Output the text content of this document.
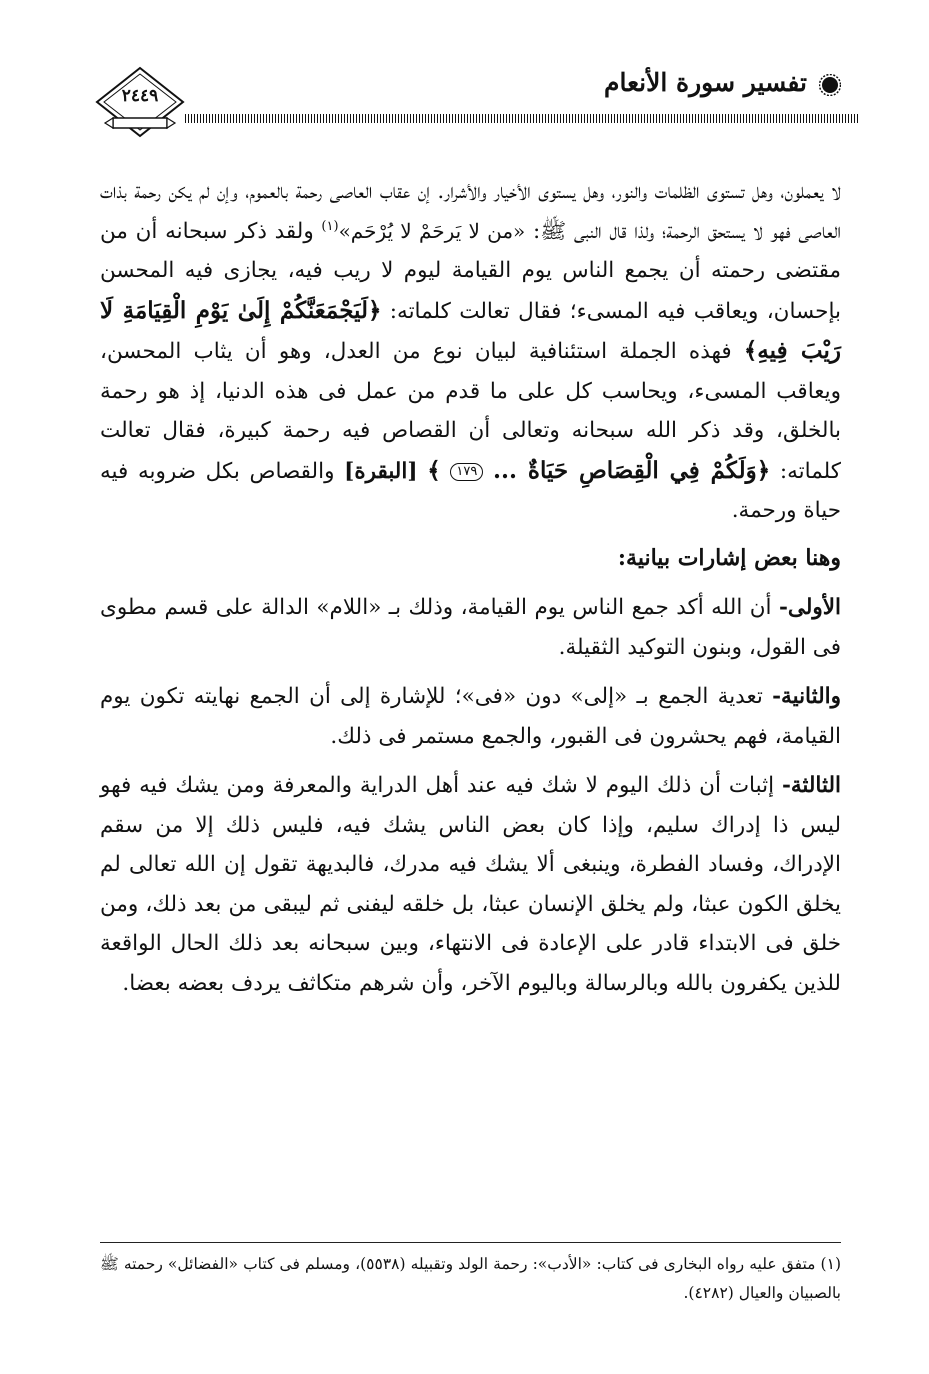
تفسير سورة الأنعام
٢٤٤٩

لا يعملون، وهل تستوى الظلمات والنور، وهل يستوى الأخيار والأشرار. إن عقاب العاصى رحمة بالعموم، وإن لم يكن رحمة بذات العاصى فهو لا يستحق الرحمة؛ ولذا قال النبى ﷺ: «من لا يَرحَمْ لا يُرْحَم»$^{(١)}$ ولقد ذكر سبحانه أن من مقتضى رحمته أن يجمع الناس يوم القيامة ليوم لا ريب فيه، يجازى فيه المحسن بإحسان، ويعاقب فيه المسىء؛ فقال تعالت كلماته: ﴿لَيَجْمَعَنَّكُمْ إِلَىٰ يَوْمِ الْقِيَامَةِ لَا رَيْبَ فِيهِ﴾ فهذه الجملة استئنافية لبيان نوع من العدل، وهو أن يثاب المحسن، ويعاقب المسىء، ويحاسب كل على ما قدم من عمل فى هذه الدنيا، إذ هو رحمة بالخلق، وقد ذكر الله سبحانه وتعالى أن القصاص فيه رحمة كبيرة، فقال تعالت كلماته: ﴿وَلَكُمْ فِي الْقِصَاصِ حَيَاةٌ ... ١٧٩ ﴾ [البقرة] والقصاص بكل ضروبه فيه حياة ورحمة.

وهنا بعض إشارات بيانية:

الأولى- أن الله أكد جمع الناس يوم القيامة، وذلك بـ «اللام» الدالة على قسم مطوى فى القول، وبنون التوكيد الثقيلة.

والثانية- تعدية الجمع بـ «إلى» دون «فى»؛ للإشارة إلى أن الجمع نهايته تكون يوم القيامة، فهم يحشرون فى القبور، والجمع مستمر فى ذلك.

الثالثة- إثبات أن ذلك اليوم لا شك فيه عند أهل الدراية والمعرفة ومن يشك فيه فهو ليس ذا إدراك سليم، وإذا كان بعض الناس يشك فيه، فليس ذلك إلا من سقم الإدراك، وفساد الفطرة، وينبغى ألا يشك فيه مدرك، فالبديهة تقول إن الله تعالى لم يخلق الكون عبثا، ولم يخلق الإنسان عبثا، بل خلقه ليفنى ثم ليبقى من بعد ذلك، ومن خلق فى الابتداء قادر على الإعادة فى الانتهاء، وبين سبحانه بعد ذلك الحال الواقعة للذين يكفرون بالله وبالرسالة وباليوم الآخر، وأن شرهم متكاثف يردف بعضه بعضا.

(١) متفق عليه رواه البخارى فى كتاب: «الأدب»: رحمة الولد وتقبيله (٥٥٣٨)، ومسلم فى كتاب «الفضائل» رحمته ﷺ بالصبيان والعيال (٤٢٨٢).
